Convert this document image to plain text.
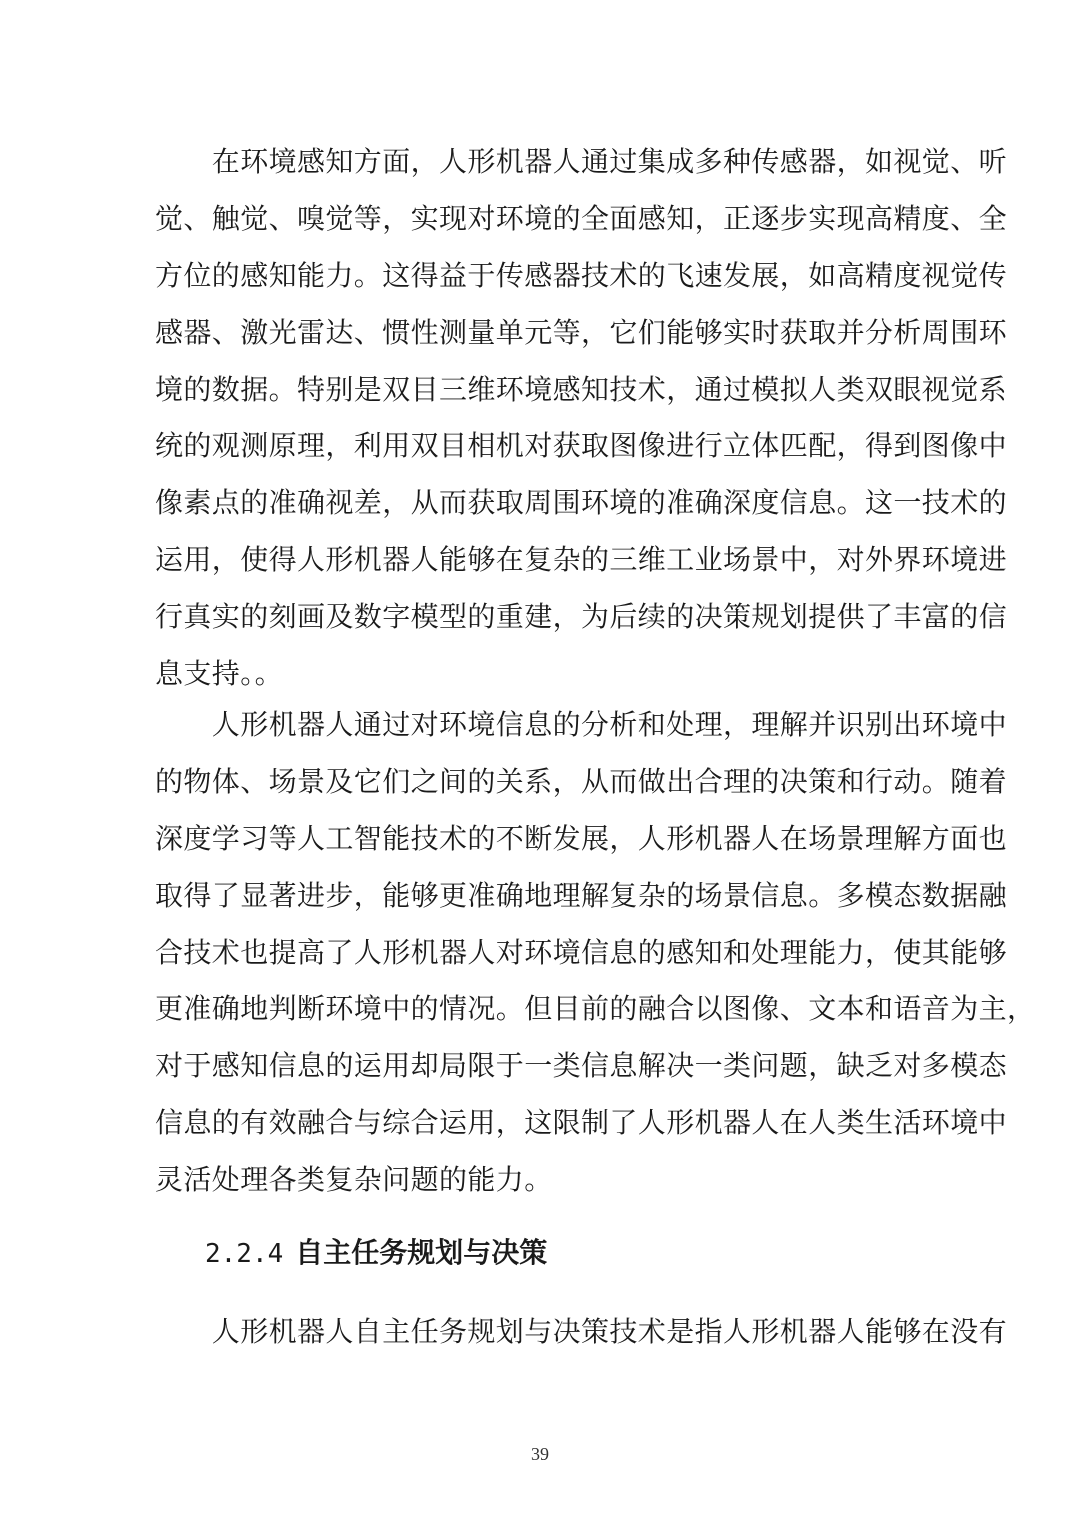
　　在环境感知方面，人形机器人通过集成多种传感器，如视觉、听
觉、触觉、嗅觉等，实现对环境的全面感知，正逐步实现高精度、全
方位的感知能力。这得益于传感器技术的飞速发展，如高精度视觉传
感器、激光雷达、惯性测量单元等，它们能够实时获取并分析周围环
境的数据。特别是双目三维环境感知技术，通过模拟人类双眼视觉系
统的观测原理，利用双目相机对获取图像进行立体匹配，得到图像中
像素点的准确视差，从而获取周围环境的准确深度信息。这一技术的
运用，使得人形机器人能够在复杂的三维工业场景中，对外界环境进
行真实的刻画及数字模型的重建，为后续的决策规划提供了丰富的信
息支持。。
　　人形机器人通过对环境信息的分析和处理，理解并识别出环境中
的物体、场景及它们之间的关系，从而做出合理的决策和行动。随着
深度学习等人工智能技术的不断发展，人形机器人在场景理解方面也
取得了显著进步，能够更准确地理解复杂的场景信息。多模态数据融
合技术也提高了人形机器人对环境信息的感知和处理能力，使其能够
更准确地判断环境中的情况。但目前的融合以图像、文本和语音为主，
对于感知信息的运用却局限于一类信息解决一类问题，缺乏对多模态
信息的有效融合与综合运用，这限制了人形机器人在人类生活环境中
灵活处理各类复杂问题的能力。
2.2.4 自主任务规划与决策
　　人形机器人自主任务规划与决策技术是指人形机器人能够在没有
39
